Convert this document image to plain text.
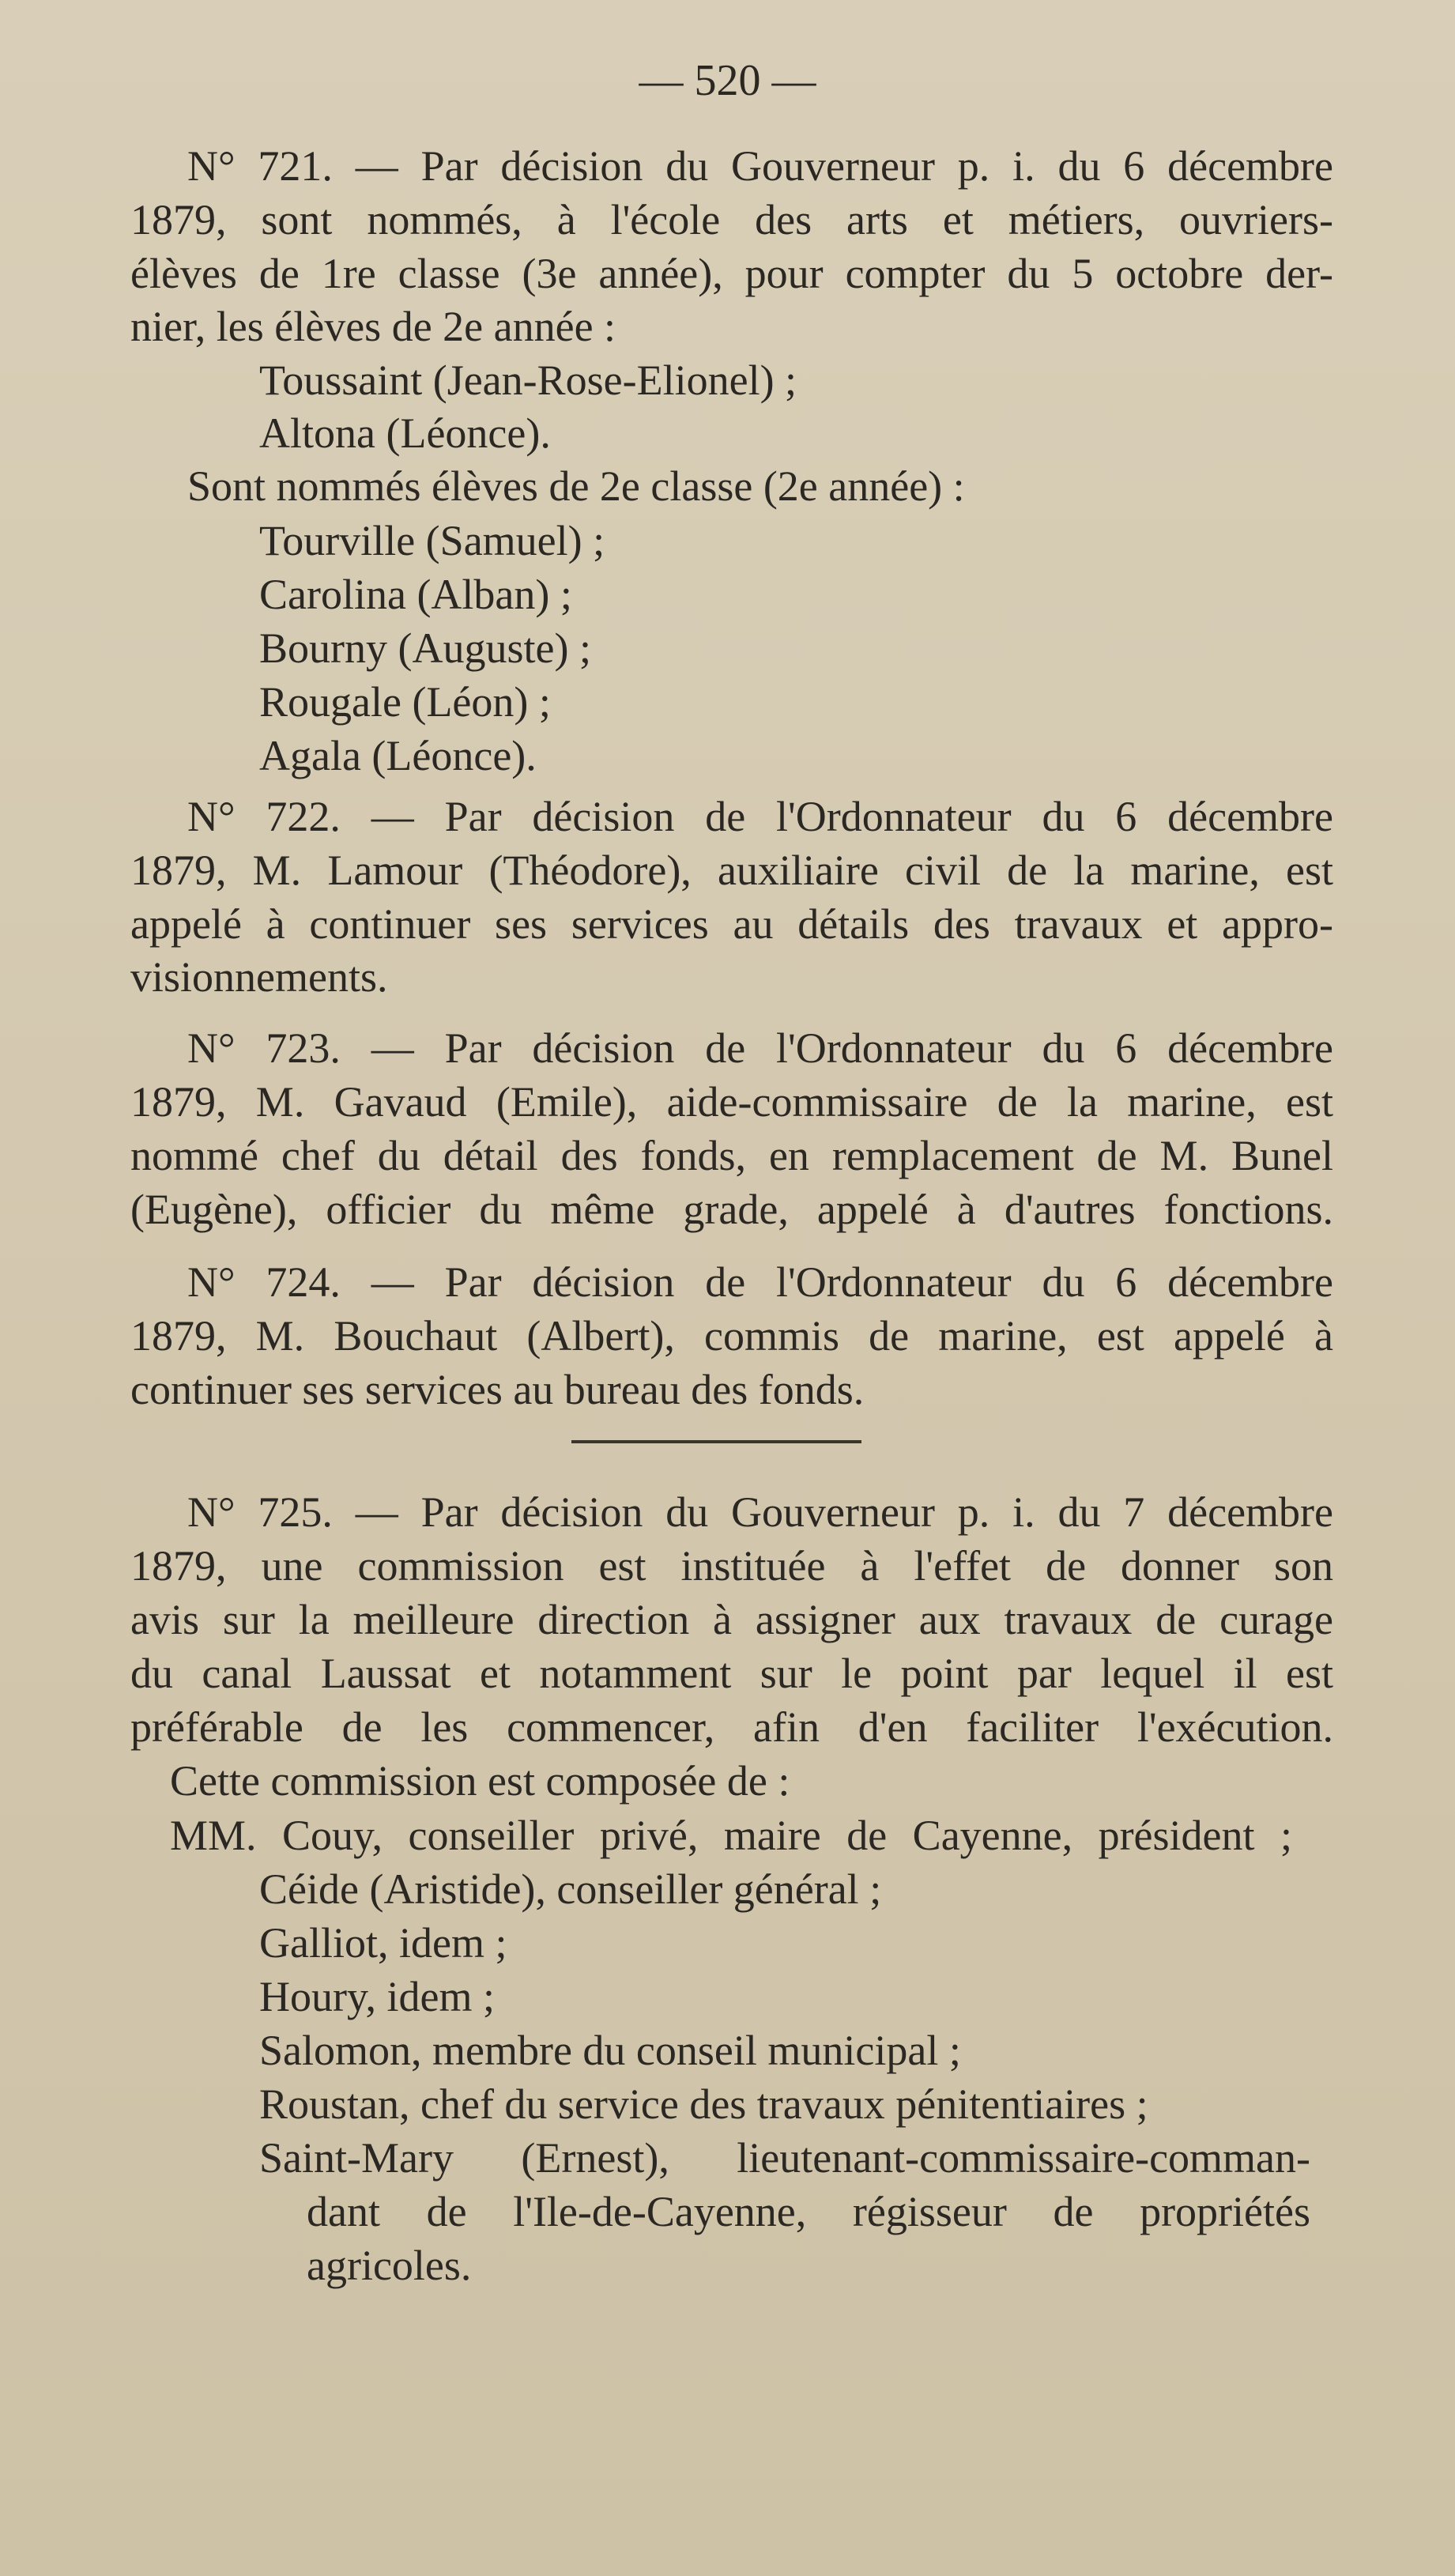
— 520 —
N° 721. — Par décision du Gouverneur p. i. du 6 décembre
1879, sont nommés, à l'école des arts et métiers, ouvriers-
élèves de 1re classe (3e année), pour compter du 5 octobre der-
nier, les élèves de 2e année :
Toussaint (Jean-Rose-Elionel) ;
Altona (Léonce).
Sont nommés élèves de 2e classe (2e année) :
Tourville (Samuel) ;
Carolina (Alban) ;
Bourny (Auguste) ;
Rougale (Léon) ;
Agala (Léonce).
N° 722. — Par décision de l'Ordonnateur du 6 décembre
1879, M. Lamour (Théodore), auxiliaire civil de la marine, est
appelé à continuer ses services au détails des travaux et appro-
visionnements.
N° 723. — Par décision de l'Ordonnateur du 6 décembre
1879, M. Gavaud (Emile), aide-commissaire de la marine, est
nommé chef du détail des fonds, en remplacement de M. Bunel
(Eugène), officier du même grade, appelé à d'autres fonctions.
N° 724. — Par décision de l'Ordonnateur du 6 décembre
1879, M. Bouchaut (Albert), commis de marine, est appelé à
continuer ses services au bureau des fonds.
N° 725. — Par décision du Gouverneur p. i. du 7 décembre
1879, une commission est instituée à l'effet de donner son
avis sur la meilleure direction à assigner aux travaux de curage
du canal Laussat et notamment sur le point par lequel il est
préférable de les commencer, afin d'en faciliter l'exécution.
Cette commission est composée de :
MM. Couy, conseiller privé, maire de Cayenne, président ;
Céide (Aristide), conseiller général ;
Galliot, idem ;
Houry, idem ;
Salomon, membre du conseil municipal ;
Roustan, chef du service des travaux pénitentiaires ;
Saint-Mary (Ernest), lieutenant-commissaire-comman-
dant de l'Ile-de-Cayenne, régisseur de propriétés
agricoles.
